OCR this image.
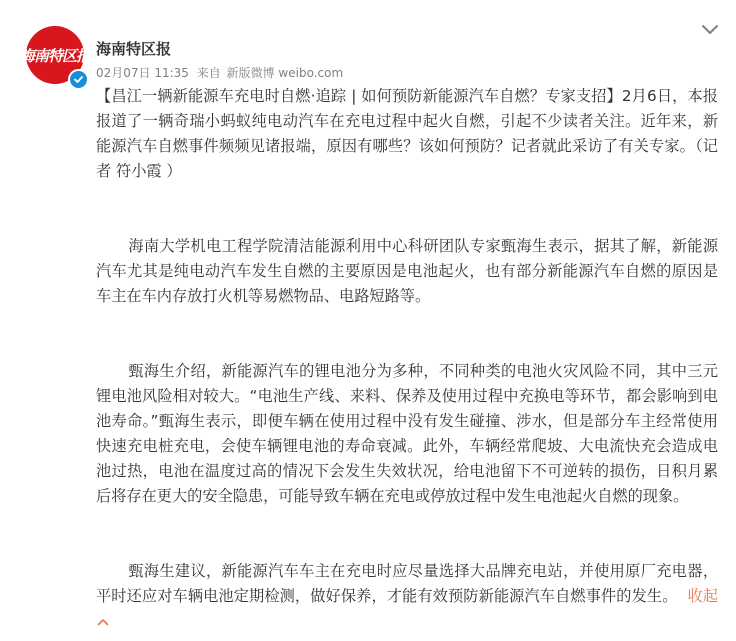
海南特区报 海南特区报
02月07日 11:35 来自 新版微博 weibo.com

【昌江一辆新能源车充电时自燃·追踪 | 如何预防新能源汽车自燃？专家支招】2月6日，本报报道了一辆奇瑞小蚂蚁纯电动汽车在充电过程中起火自燃，引起不少读者关注。近年来，新能源汽车自燃事件频频见诸报端，原因有哪些？该如何预防？记者就此采访了有关专家。（记者 符小霞 ）

海南大学机电工程学院清洁能源利用中心科研团队专家甄海生表示，据其了解，新能源汽车尤其是纯电动汽车发生自燃的主要原因是电池起火，也有部分新能源汽车自燃的原因是车主在车内存放打火机等易燃物品、电路短路等。

甄海生介绍，新能源汽车的锂电池分为多种，不同种类的电池火灾风险不同，其中三元锂电池风险相对较大。“电池生产线、来料、保养及使用过程中充换电等环节，都会影响到电池寿命。”甄海生表示，即便车辆在使用过程中没有发生碰撞、涉水，但是部分车主经常使用快速充电桩充电，会使车辆锂电池的寿命衰减。此外，车辆经常爬坡、大电流快充会造成电池过热，电池在温度过高的情况下会发生失效状况，给电池留下不可逆转的损伤，日积月累后将存在更大的安全隐患，可能导致车辆在充电或停放过程中发生电池起火自燃的现象。

甄海生建议，新能源汽车车主在充电时应尽量选择大品牌充电站，并使用原厂充电器，平时还应对车辆电池定期检测，做好保养，才能有效预防新能源汽车自燃事件的发生。 收起
